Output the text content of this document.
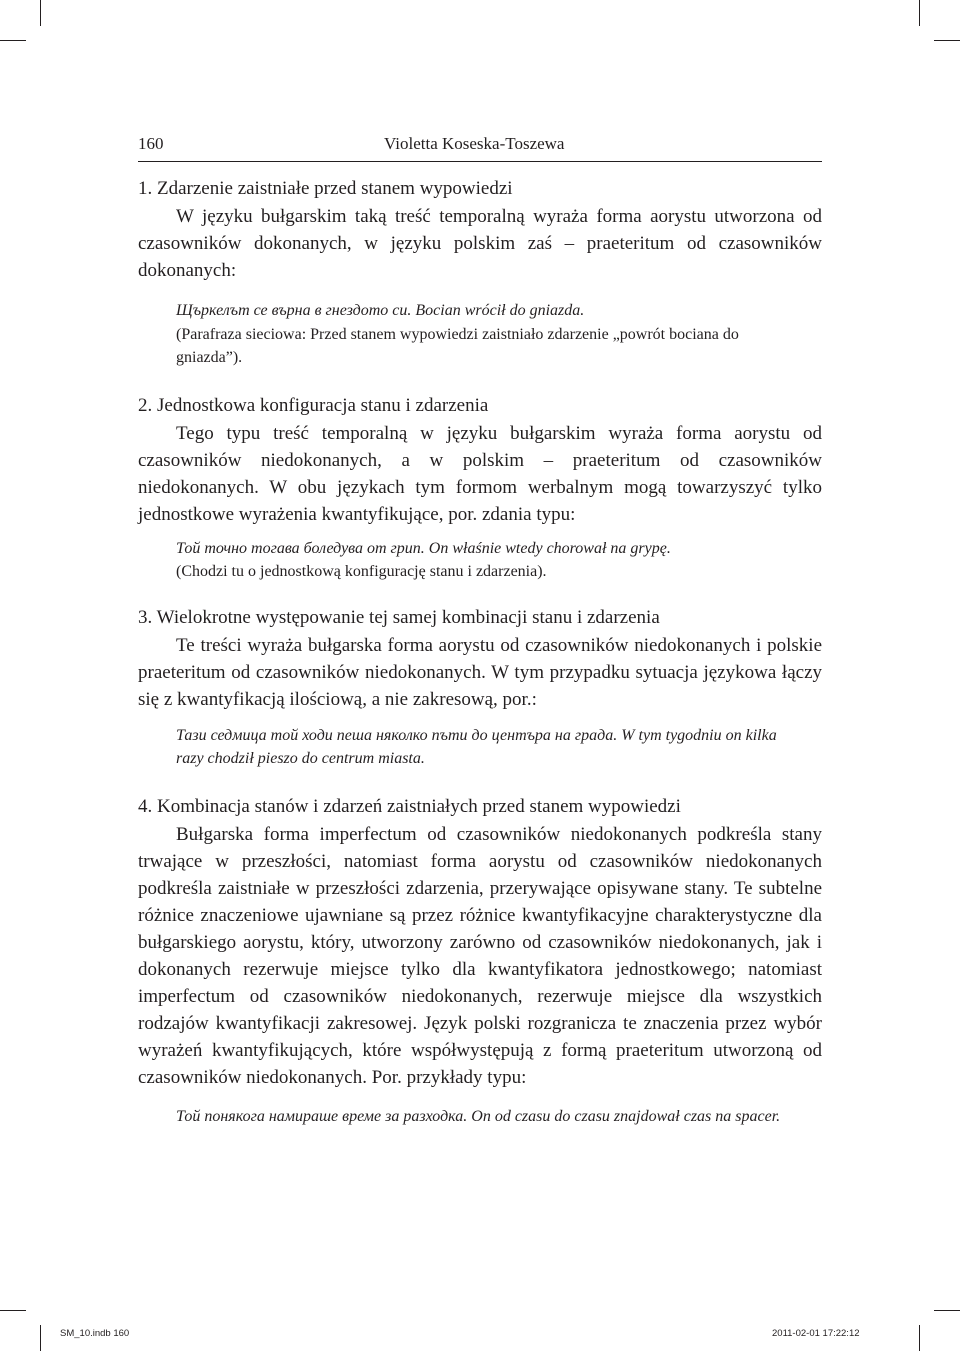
160	Violetta Koseska-Toszewa

1. Zdarzenie zaistniałe przed stanem wypowiedzi

W języku bułgarskim taką treść temporalną wyraża forma aorystu utworzona od czasowników dokonanych, w języku polskim zaś – praeteritum od czasowników dokonanych:

Щъркелът се върна в гнездото си. Bocian wrócił do gniazda.
(Parafraza sieciowa: Przed stanem wypowiedzi zaistniało zdarzenie „powrót bociana do gniazda”).

2. Jednostkowa konfiguracja stanu i zdarzenia

Tego typu treść temporalną w języku bułgarskim wyraża forma aorystu od czasowników niedokonanych, a w polskim – praeteritum od czasowników niedokonanych. W obu językach tym formom werbalnym mogą towarzyszyć tylko jednostkowe wyrażenia kwantyfikujące, por. zdania typu:

Той точно тогава боледува от грип. On właśnie wtedy chorował na grypę.
(Chodzi tu o jednostkową konfigurację stanu i zdarzenia).

3. Wielokrotne występowanie tej samej kombinacji stanu i zdarzenia

Te treści wyraża bułgarska forma aorystu od czasowników niedokonanych i polskie praeteritum od czasowników niedokonanych. W tym przypadku sytuacja językowa łączy się z kwantyfikacją ilościową, a nie zakresową, por.:

Тази седмица той ходи пеша няколко пъти до центъра на града. W tym tygodniu on kilka razy chodził pieszo do centrum miasta.

4. Kombinacja stanów i zdarzeń zaistniałych przed stanem wypowiedzi

Bułgarska forma imperfectum od czasowników niedokonanych podkreśla stany trwające w przeszłości, natomiast forma aorystu od czasowników niedokonanych podkreśla zaistniałe w przeszłości zdarzenia, przerywające opisywane stany. Te subtelne różnice znaczeniowe ujawniane są przez różnice kwantyfikacyjne charakterystyczne dla bułgarskiego aorystu, który, utworzony zarówno od czasowników niedokonanych, jak i dokonanych rezerwuje miejsce tylko dla kwantyfikatora jednostkowego; natomiast imperfectum od czasowników niedokonanych, rezerwuje miejsce dla wszystkich rodzajów kwantyfikacji zakresowej. Język polski rozgranicza te znaczenia przez wybór wyrażeń kwantyfikujących, które współwystępują z formą praeteritum utworzoną od czasowników niedokonanych. Por. przykłady typu:

Той понякога намираше време за разходка. On od czasu do czasu znajdował czas na spacer.

SM_10.indb 160	2011-02-01 17:22:12
